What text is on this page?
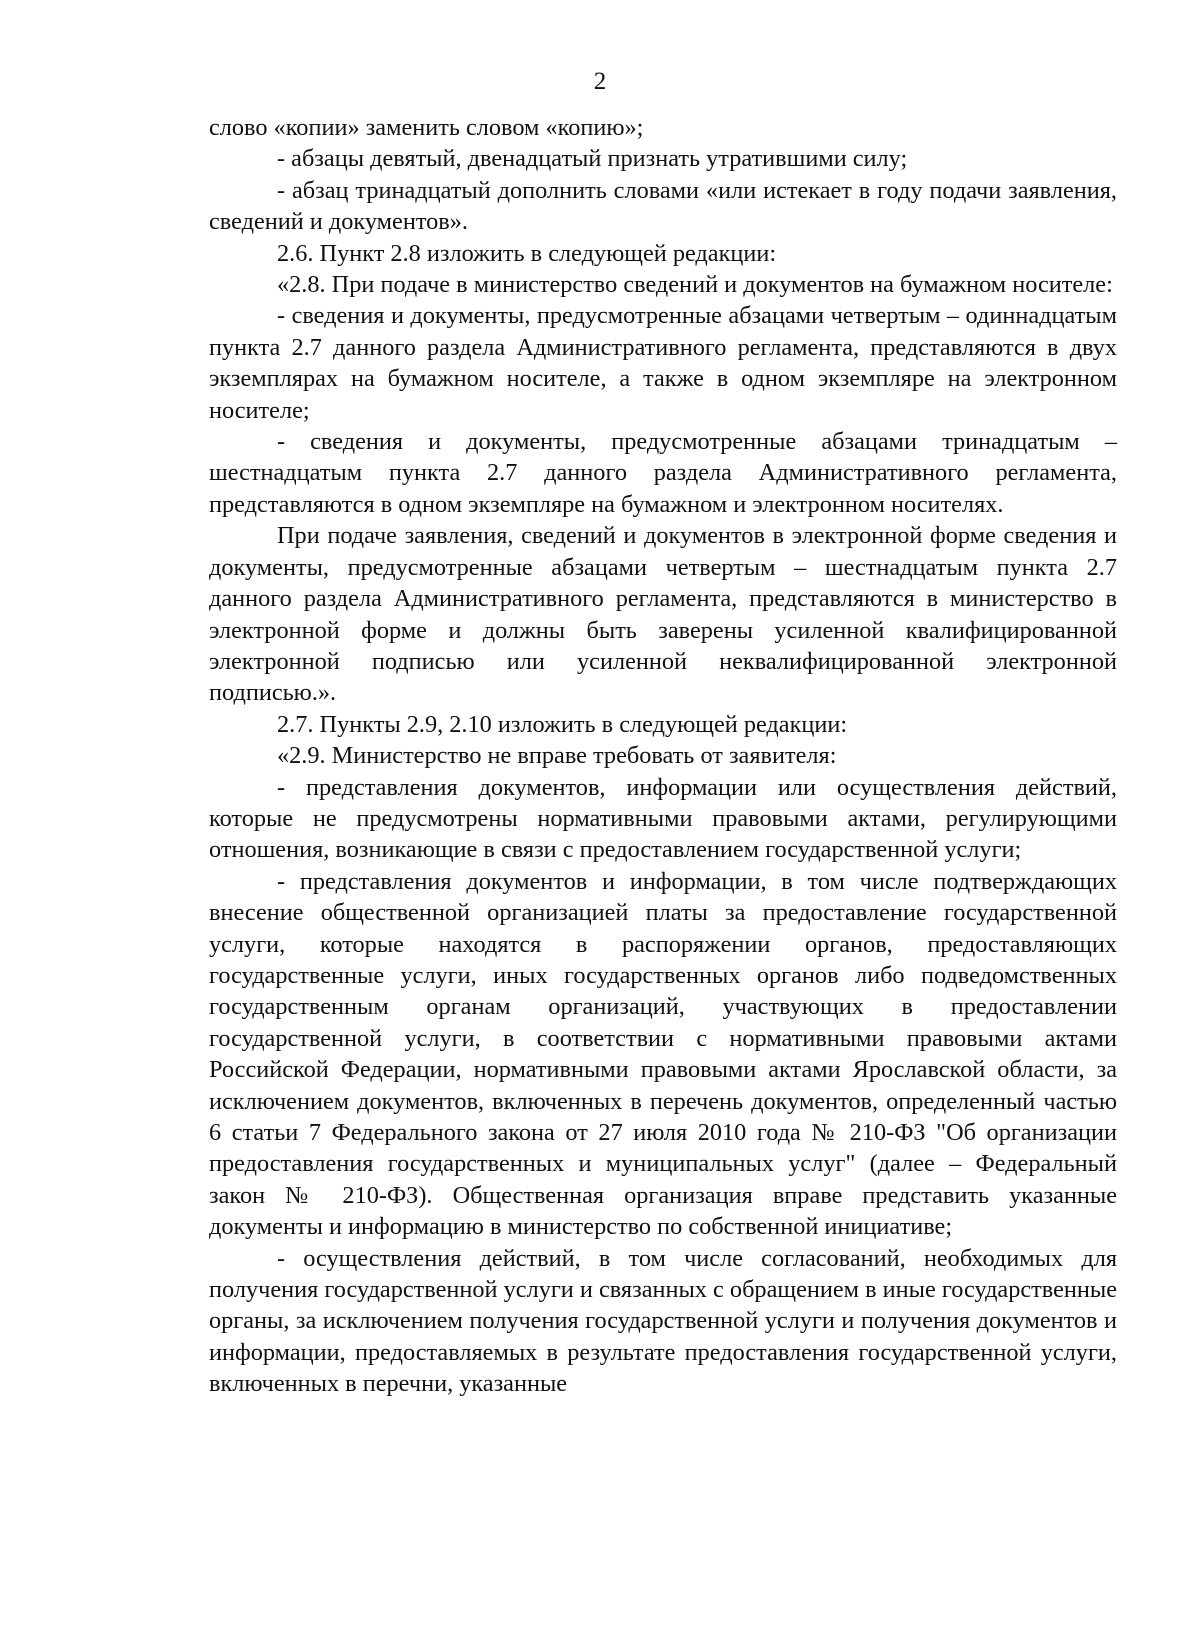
2

слово «копии» заменить словом «копию»;

- абзацы девятый, двенадцатый признать утратившими силу;

- абзац тринадцатый дополнить словами «или истекает в году подачи заявления, сведений и документов».

2.6. Пункт 2.8 изложить в следующей редакции:

«2.8. При подаче в министерство сведений и документов на бумажном носителе:

- сведения и документы, предусмотренные абзацами четвертым – одиннадцатым пункта 2.7 данного раздела Административного регламента, представляются в двух экземплярах на бумажном носителе, а также в одном экземпляре на электронном носителе;

- сведения и документы, предусмотренные абзацами тринадцатым – шестнадцатым пункта 2.7 данного раздела Административного регламента, представляются в одном экземпляре на бумажном и электронном носителях.

При подаче заявления, сведений и документов в электронной форме сведения и документы, предусмотренные абзацами четвертым – шестнадцатым пункта 2.7 данного раздела Административного регламента, представляются в министерство в электронной форме и должны быть заверены усиленной квалифицированной электронной подписью или усиленной неквалифицированной электронной подписью.».

2.7. Пункты 2.9, 2.10 изложить в следующей редакции:

«2.9. Министерство не вправе требовать от заявителя:

- представления документов, информации или осуществления действий, которые не предусмотрены нормативными правовыми актами, регулирующими отношения, возникающие в связи с предоставлением государственной услуги;

- представления документов и информации, в том числе подтверждающих внесение общественной организацией платы за предоставление государственной услуги, которые находятся в распоряжении органов, предоставляющих государственные услуги, иных государственных органов либо подведомственных государственным органам организаций, участвующих в предоставлении государственной услуги, в соответствии с нормативными правовыми актами Российской Федерации, нормативными правовыми актами Ярославской области, за исключением документов, включенных в перечень документов, определенный частью 6 статьи 7 Федерального закона от 27 июля 2010 года № 210-ФЗ "Об организации предоставления государственных и муниципальных услуг" (далее – Федеральный закон № 210-ФЗ). Общественная организация вправе представить указанные документы и информацию в министерство по собственной инициативе;

- осуществления действий, в том числе согласований, необходимых для получения государственной услуги и связанных с обращением в иные государственные органы, за исключением получения государственной услуги и получения документов и информации, предоставляемых в результате предоставления государственной услуги, включенных в перечни, указанные
